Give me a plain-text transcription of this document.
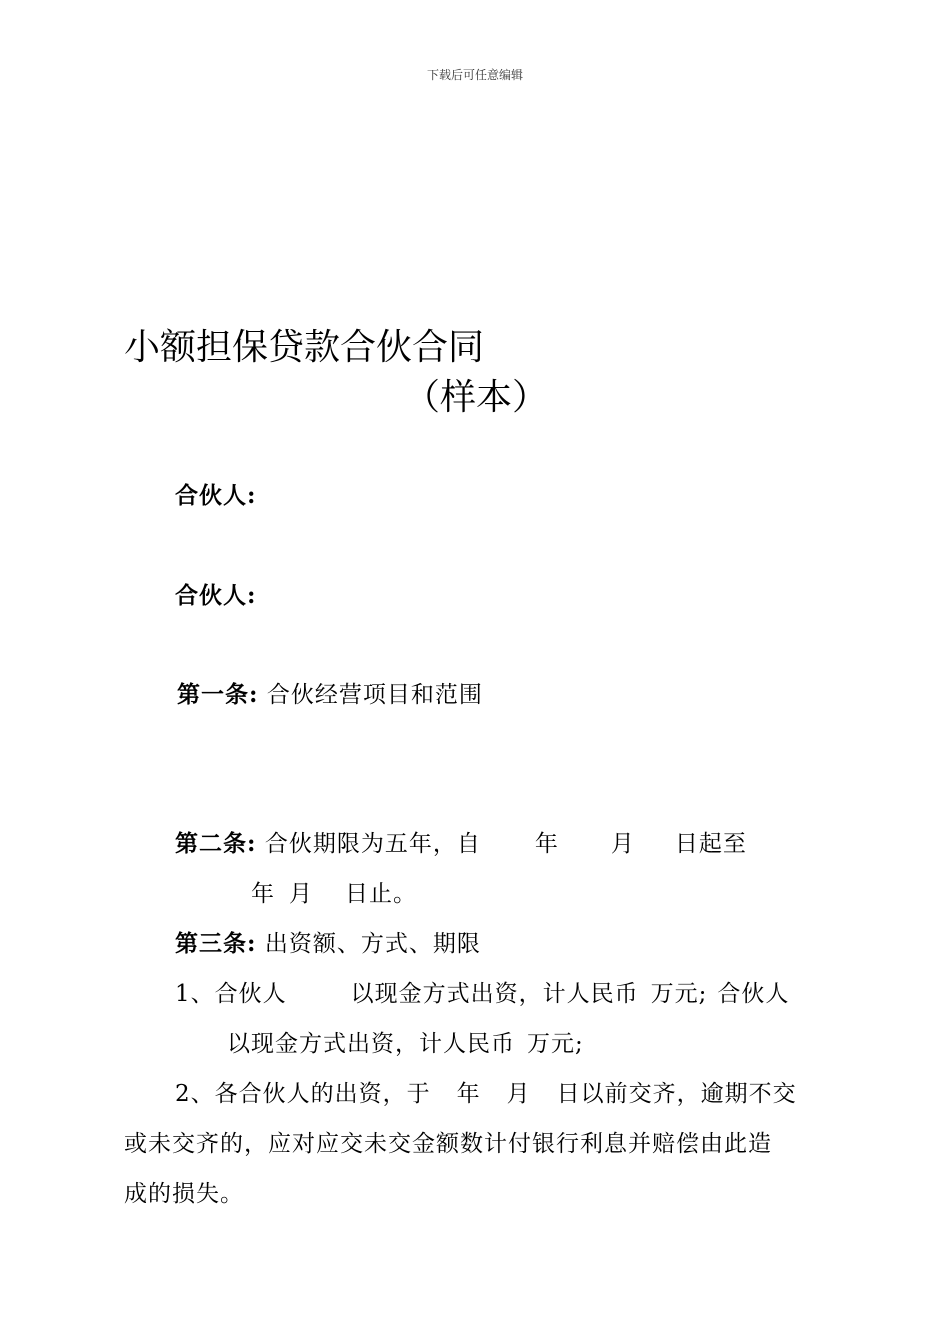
下载后可任意编辑
小额担保贷款合伙合同
（样本）
合伙人:
合伙人:
第一条: 合伙经营项目和范围
第二条: 合伙期限为五年，自 年 月 日起至
年 月 日止。
第三条: 出资额、方式、期限
1、合伙人	以现金方式出资，计人民币 万元; 合伙人
以现金方式出资，计人民币 万元;
2、各合伙人的出资，于 年 月 日以前交齐，逾期不交
或未交齐的，应对应交未交金额数计付银行利息并赔偿由此造
成的损失。
